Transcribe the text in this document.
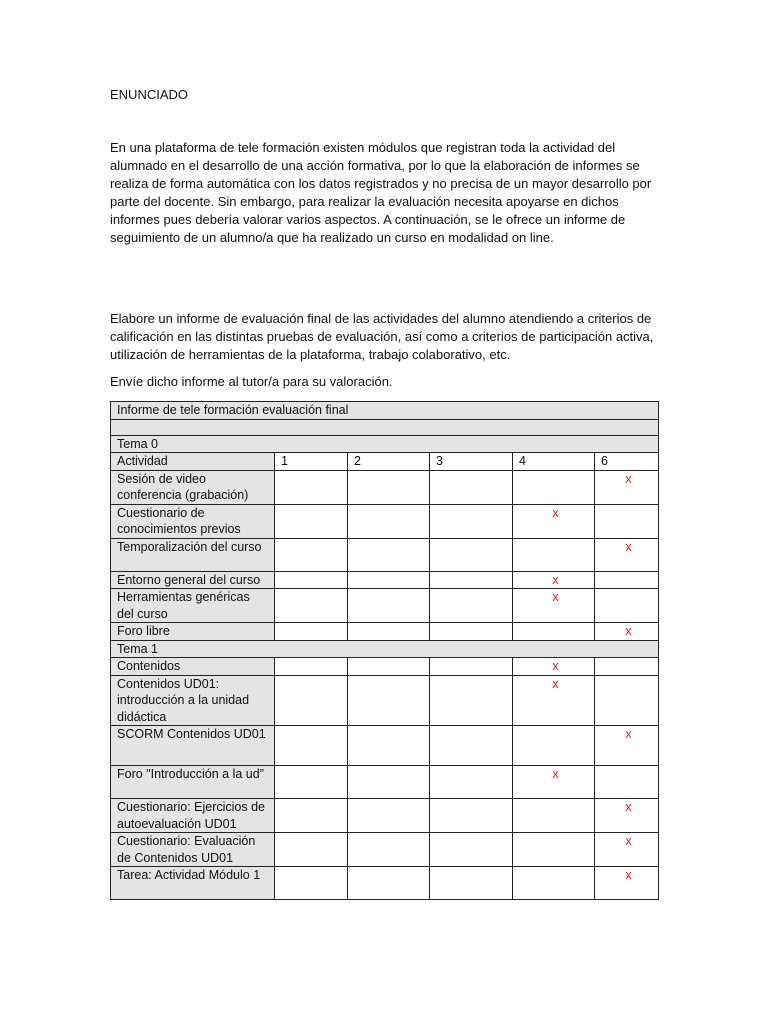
ENUNCIADO

En una plataforma de tele formación existen módulos que registran toda la actividad del alumnado en el desarrollo de una acción formativa, por lo que la elaboración de informes se realiza de forma automática con los datos registrados y no precisa de un mayor desarrollo por parte del docente. Sin embargo, para realizar la evaluación necesita apoyarse en dichos informes pues debería valorar varios aspectos. A continuación, se le ofrece un informe de seguimiento de un alumno/a que ha realizado un curso en modalidad on line.

Elabore un informe de evaluación final de las actividades del alumno atendiendo a criterios de calificación en las distintas pruebas de evaluación, así como a criterios de participación activa, utilización de herramientas de la plataforma, trabajo colaborativo, etc.

Envíe dicho informe al tutor/a para su valoración.

Informe de tele formación evaluación final					

Tema 0					
Actividad	1	2	3	4	6
Sesión de video conferencia (grabación)					x
Cuestionario de conocimientos previos				x	
Temporalización del curso					x
Entorno general del curso				x	
Herramientas genéricas del curso				x	
Foro libre					x
Tema 1					
Contenidos				x	
Contenidos UD01: introducción a la unidad didáctica				x	
SCORM Contenidos UD01					x
Foro "Introducción a la ud”				x	
Cuestionario: Ejercicios de autoevaluación UD01					x
Cuestionario: Evaluación de Contenidos UD01					x
Tarea: Actividad Módulo 1					x
